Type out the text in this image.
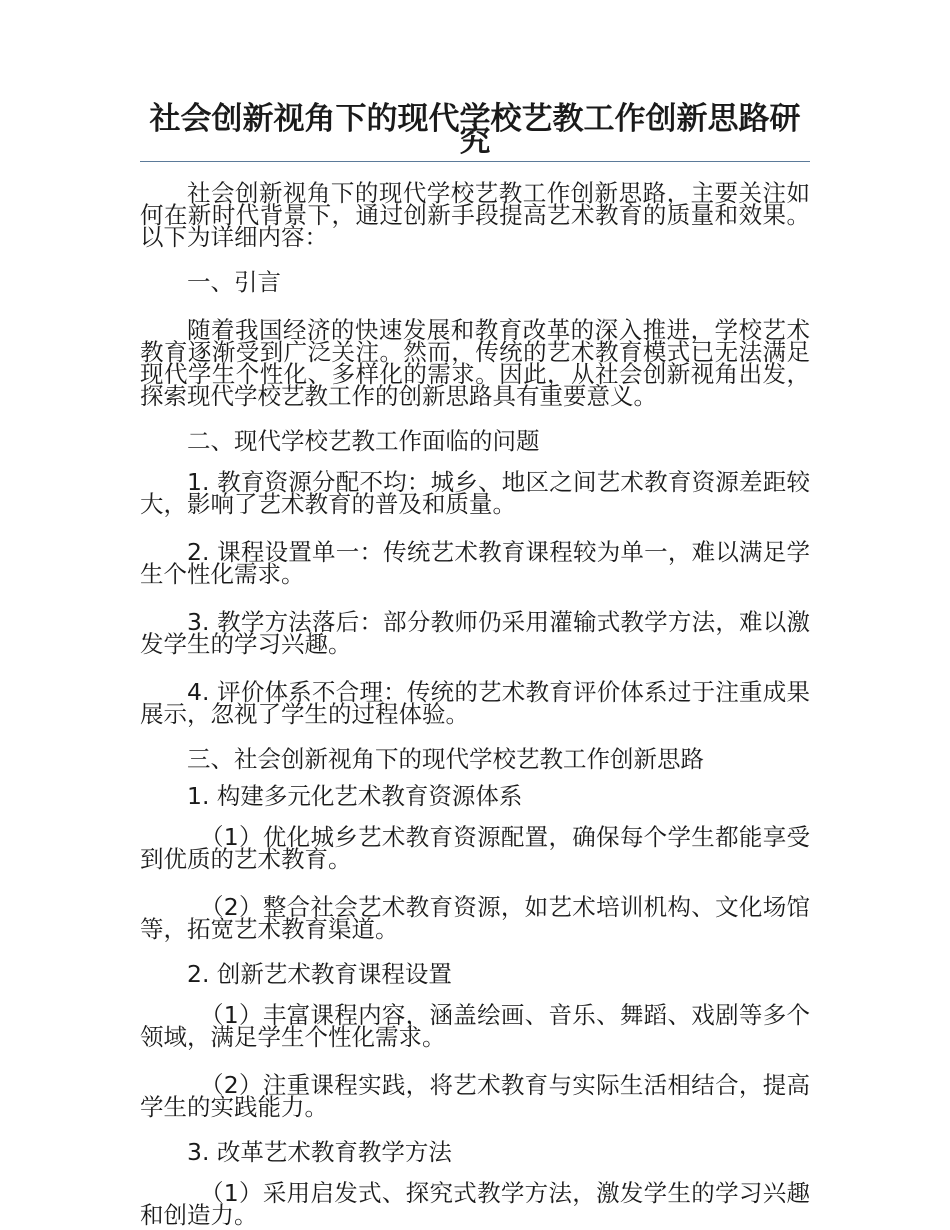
社会创新视角下的现代学校艺教工作创新思路研究

社会创新视角下的现代学校艺教工作创新思路，主要关注如何在新时代背景下，通过创新手段提高艺术教育的质量和效果。以下为详细内容：

一、引言

随着我国经济的快速发展和教育改革的深入推进，学校艺术教育逐渐受到广泛关注。然而，传统的艺术教育模式已无法满足现代学生个性化、多样化的需求。因此，从社会创新视角出发，探索现代学校艺教工作的创新思路具有重要意义。

二、现代学校艺教工作面临的问题

1. 教育资源分配不均：城乡、地区之间艺术教育资源差距较大，影响了艺术教育的普及和质量。

2. 课程设置单一：传统艺术教育课程较为单一，难以满足学生个性化需求。

3. 教学方法落后：部分教师仍采用灌输式教学方法，难以激发学生的学习兴趣。

4. 评价体系不合理：传统的艺术教育评价体系过于注重成果展示，忽视了学生的过程体验。

三、社会创新视角下的现代学校艺教工作创新思路

1. 构建多元化艺术教育资源体系

（1）优化城乡艺术教育资源配置，确保每个学生都能享受到优质的艺术教育。

（2）整合社会艺术教育资源，如艺术培训机构、文化场馆等，拓宽艺术教育渠道。

2. 创新艺术教育课程设置

（1）丰富课程内容，涵盖绘画、音乐、舞蹈、戏剧等多个领域，满足学生个性化需求。

（2）注重课程实践，将艺术教育与实际生活相结合，提高学生的实践能力。

3. 改革艺术教育教学方法

（1）采用启发式、探究式教学方法，激发学生的学习兴趣和创造力。
